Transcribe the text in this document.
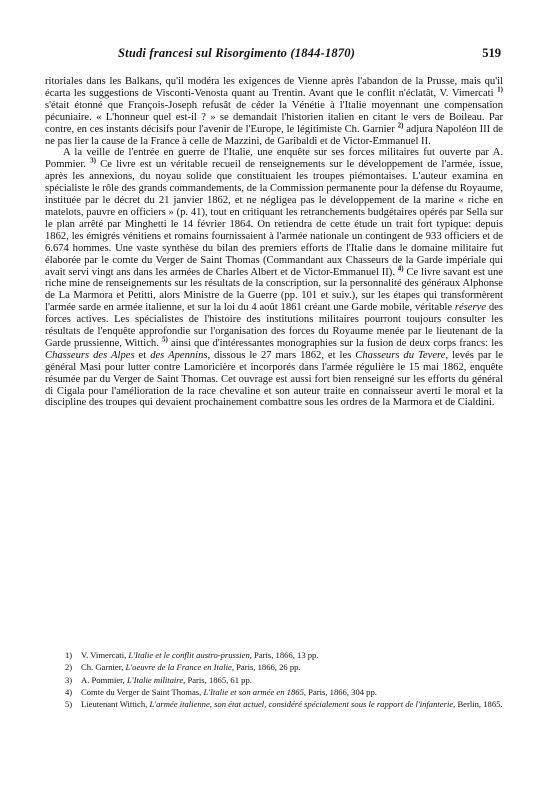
Studi francesi sul Risorgimento (1844-1870)	519

ritoriales dans les Balkans, qu'il modéra les exigences de Vienne après l'abandon de la Prusse, mais qu'il écarta les suggestions de Visconti-Venosta quant au Trentin. Avant que le conflit n'éclatât, V. Vimercati $^{1)}$ s'était étonné que François-Joseph refusât de céder la Vénétie à l'Italie moyennant une compensation pécuniaire. « L'honneur quel est-il ? » se demandait l'historien italien en citant le vers de Boileau. Par contre, en ces instants décisifs pour l'avenir de l'Europe, le légitimiste Ch. Garnier $^{2)}$ adjura Napoléon III de ne pas lier la cause de la France à celle de Mazzini, de Garibaldi et de Victor-Emmanuel II.

A la veille de l'entrée en guerre de l'Italie, une enquête sur ses forces militaires fut ouverte par A. Pommier. $^{3)}$ Ce livre est un véritable recueil de renseignements sur le développement de l'armée, issue, après les annexions, du noyau solide que constituaient les troupes piémontaises. L'auteur examina en spécialiste le rôle des grands commandements, de la Commission permanente pour la défense du Royaume, instituée par le décret du 21 janvier 1862, et ne négligea pas le développement de la marine « riche en matelots, pauvre en officiers » (p. 41), tout en critiquant les retranchements budgétaires opérés par Sella sur le plan arrêté par Minghetti le 14 février 1864. On retiendra de cette étude un trait fort typique: depuis 1862, les émigrés vénitiens et romains fournissaient à l'armée nationale un contingent de 933 officiers et de 6.674 hommes. Une vaste synthèse du bilan des premiers efforts de l'Italie dans le domaine militaire fut élaborée par le comte du Verger de Saint Thomas (Commandant aux Chasseurs de la Garde impériale qui avait servi vingt ans dans les armées de Charles Albert et de Victor-Emmanuel II). $^{4)}$ Ce livre savant est une riche mine de renseignements sur les résultats de la conscription, sur la personnalité des généraux Alphonse de La Marmora et Petitti, alors Ministre de la Guerre (pp. 101 et suiv.), sur les étapes qui transformèrent l'armée sarde en armée italienne, et sur la loi du 4 août 1861 créant une Garde mobile, véritable réserve des forces actives. Les spécialistes de l'histoire des institutions militaires pourront toujours consulter les résultats de l'enquête approfondie sur l'organisation des forces du Royaume menée par le lieutenant de la Garde prussienne, Wittich. $^{5)}$ ainsi que d'intéressantes monographies sur la fusion de deux corps francs: les Chasseurs des Alpes et des Apennins, dissous le 27 mars 1862, et les Chasseurs du Tevere, levés par le général Masi pour lutter contre Lamoricière et incorporés dans l'armée régulière le 15 mai 1862, enquête résumée par du Verger de Saint Thomas. Cet ouvrage est aussi fort bien renseigné sur les efforts du général di Cigala pour l'amélioration de la race chevaline et son auteur traite en connaisseur averti le moral et la discipline des troupes qui devaient prochainement combattre sous les ordres de la Marmora et de Cialdini.

1) V. Vimercati, L'Italie et le conflit austro-prussien, Paris, 1866, 13 pp.

2) Ch. Garnier, L'oeuvre de la France en Italie, Paris, 1866, 26 pp.

3) A. Pommier, L'Italie militaire, Paris, 1865, 61 pp.

4) Comte du Verger de Saint Thomas, L'Italie et son armée en 1865, Paris, 1866, 304 pp.

5) Lieutenant Wittich, L'armée italienne, son état actuel, considéré spécialement sous le rapport de l'infanterie, Berlin, 1865.
